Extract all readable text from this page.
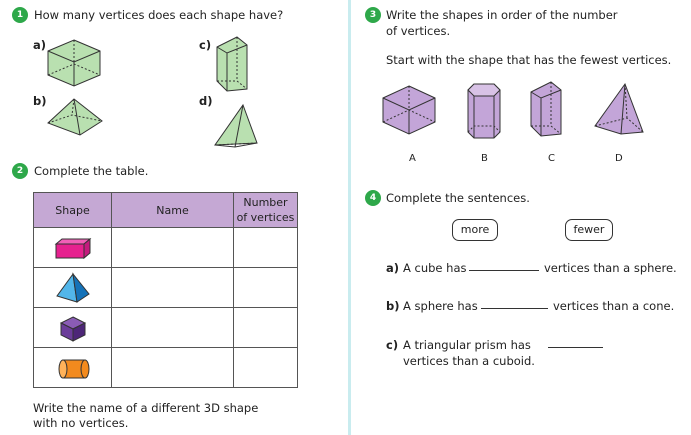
1 How many vertices does each shape have?
a)	c)
b)	d)
2 Complete the table.
Shape	Name	Number
of vertices

Write the name of a different 3D shape
with no vertices.
3 Write the shapes in order of the number
of vertices.
Start with the shape that has the fewest vertices.
A	B	C	D
4 Complete the sentences.
more	fewer
a) A cube has	vertices than a sphere.
b) A sphere has	vertices than a cone.
c) A triangular prism has
vertices than a cuboid.
